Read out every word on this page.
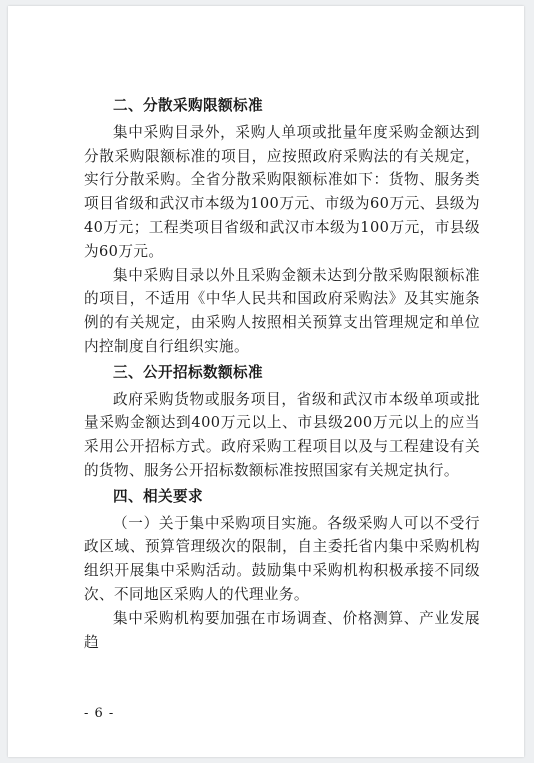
二、分散采购限额标准

集中采购目录外，采购人单项或批量年度采购金额达到分散采购限额标准的项目，应按照政府采购法的有关规定，实行分散采购。全省分散采购限额标准如下：货物、服务类项目省级和武汉市本级为100万元、市级为60万元、县级为40万元；工程类项目省级和武汉市本级为100万元，市县级为60万元。

集中采购目录以外且采购金额未达到分散采购限额标准的项目，不适用《中华人民共和国政府采购法》及其实施条例的有关规定，由采购人按照相关预算支出管理规定和单位内控制度自行组织实施。

三、公开招标数额标准

政府采购货物或服务项目，省级和武汉市本级单项或批量采购金额达到400万元以上、市县级200万元以上的应当采用公开招标方式。政府采购工程项目以及与工程建设有关的货物、服务公开招标数额标准按照国家有关规定执行。

四、相关要求

（一）关于集中采购项目实施。各级采购人可以不受行政区域、预算管理级次的限制，自主委托省内集中采购机构组织开展集中采购活动。鼓励集中采购机构积极承接不同级次、不同地区采购人的代理业务。

集中采购机构要加强在市场调查、价格测算、产业发展趋

- 6 -
